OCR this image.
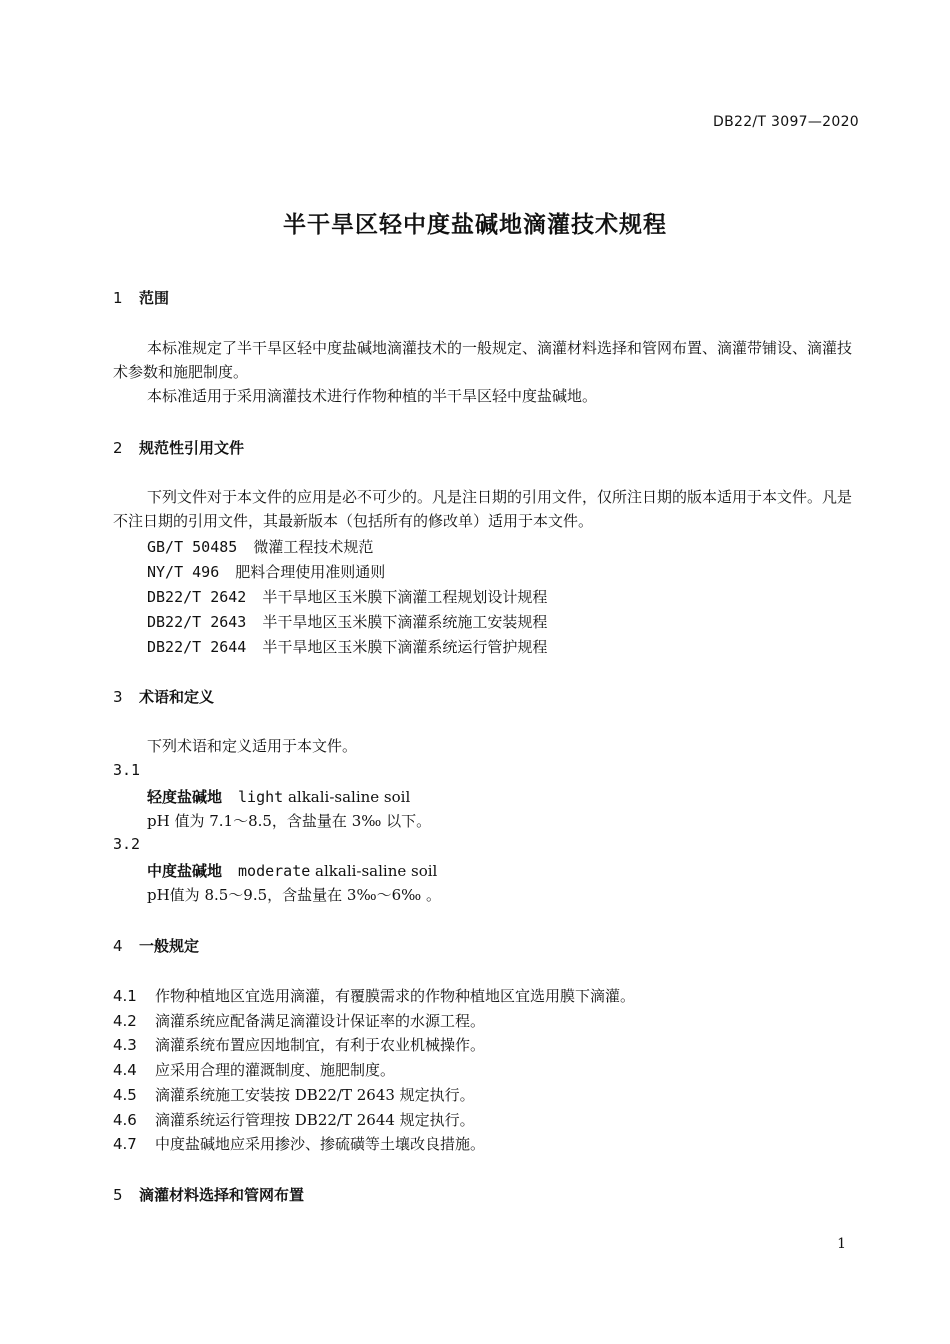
DB22/T 3097—2020
半干旱区轻中度盐碱地滴灌技术规程
1 范围
本标准规定了半干旱区轻中度盐碱地滴灌技术的一般规定、滴灌材料选择和管网布置、滴灌带铺设、滴灌技术参数和施肥制度。
本标准适用于采用滴灌技术进行作物种植的半干旱区轻中度盐碱地。
2 规范性引用文件
下列文件对于本文件的应用是必不可少的。凡是注日期的引用文件，仅所注日期的版本适用于本文件。凡是不注日期的引用文件，其最新版本（包括所有的修改单）适用于本文件。
GB/T 50485 微灌工程技术规范
NY/T 496 肥料合理使用准则通则
DB22/T 2642 半干旱地区玉米膜下滴灌工程规划设计规程
DB22/T 2643 半干旱地区玉米膜下滴灌系统施工安装规程
DB22/T 2644 半干旱地区玉米膜下滴灌系统运行管护规程
3 术语和定义
下列术语和定义适用于本文件。
3.1
轻度盐碱地 light alkali-saline soil
pH 值为 7.1～8.5，含盐量在 3‰ 以下。
3.2
中度盐碱地 moderate alkali-saline soil
pH值为 8.5～9.5，含盐量在 3‰～6‰ 。
4 一般规定
4.1 作物种植地区宜选用滴灌，有覆膜需求的作物种植地区宜选用膜下滴灌。
4.2 滴灌系统应配备满足滴灌设计保证率的水源工程。
4.3 滴灌系统布置应因地制宜，有利于农业机械操作。
4.4 应采用合理的灌溉制度、施肥制度。
4.5 滴灌系统施工安装按 DB22/T 2643 规定执行。
4.6 滴灌系统运行管理按 DB22/T 2644 规定执行。
4.7 中度盐碱地应采用掺沙、掺硫磺等土壤改良措施。
5 滴灌材料选择和管网布置
1
